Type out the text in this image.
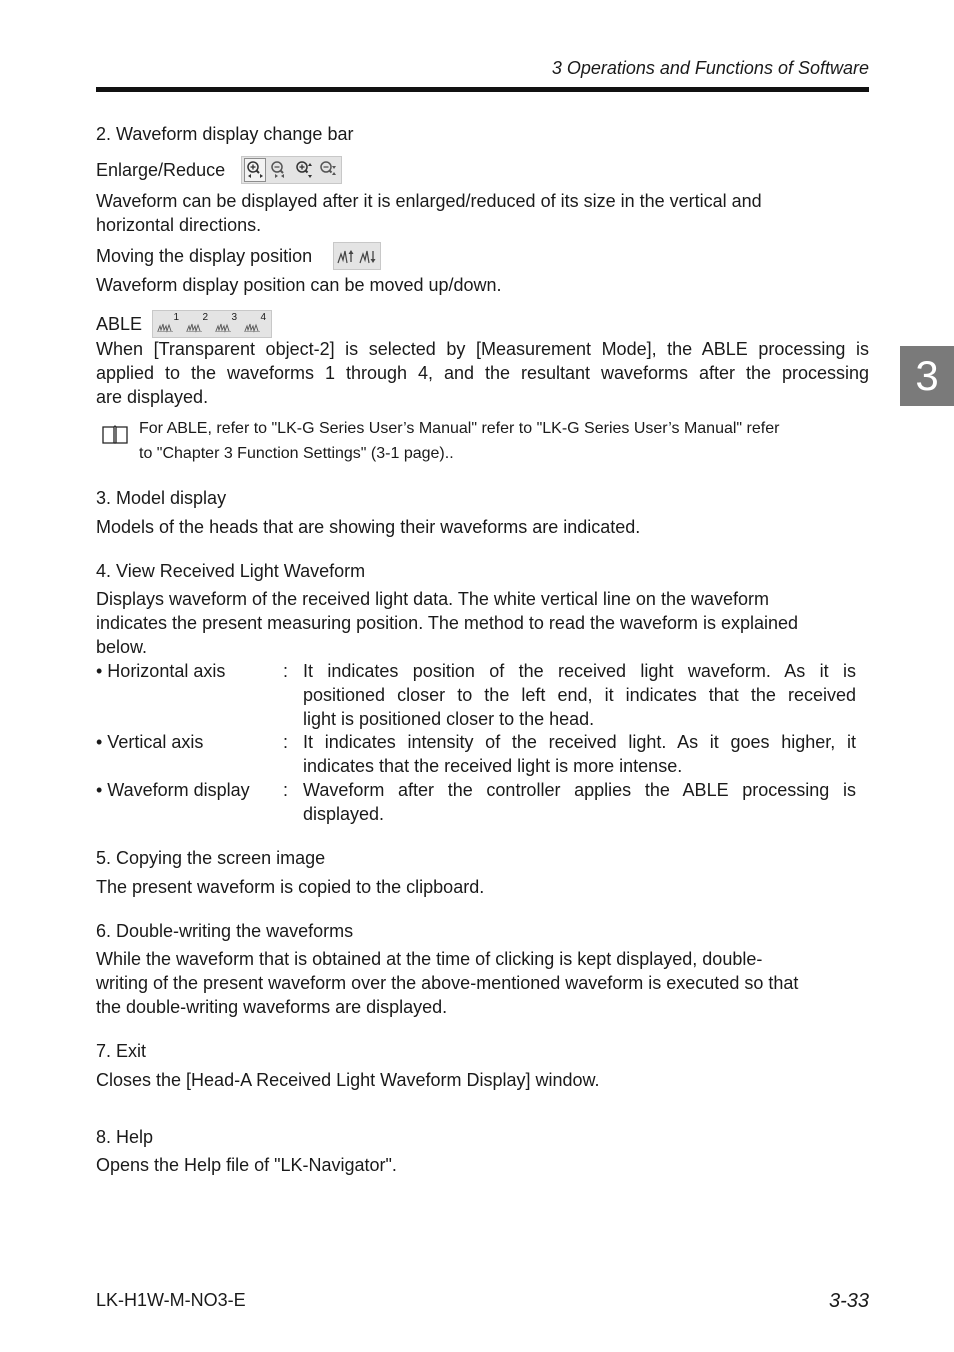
3 Operations and Functions of Software
3
2. Waveform display change bar
Enlarge/Reduce
Waveform can be displayed after it is enlarged/reduced of its size in the vertical and
horizontal directions.
Moving the display position
Waveform display position can be moved up/down.
ABLE	1 2 3 4
When [Transparent object-2] is selected by [Measurement Mode], the ABLE processing is
applied to the waveforms 1 through 4, and the resultant waveforms after the processing
are displayed.
For ABLE, refer to "LK-G Series User’s Manual" refer to "LK-G Series User’s Manual" refer
to "Chapter 3 Function Settings" (3-1 page)..
3. Model display
Models of the heads that are showing their waveforms are indicated.
4. View Received Light Waveform
Displays waveform of the received light data. The white vertical line on the waveform
indicates the present measuring position. The method to read the waveform is explained
below.
• Horizontal axis	: It indicates position of the received light waveform. As it is
positioned closer to the left end, it indicates that the received
light is positioned closer to the head.
• Vertical axis	: It indicates intensity of the received light. As it goes higher, it
indicates that the received light is more intense.
• Waveform display : Waveform after the controller applies the ABLE processing is
displayed.
5. Copying the screen image
The present waveform is copied to the clipboard.
6. Double-writing the waveforms
While the waveform that is obtained at the time of clicking is kept displayed, double-
writing of the present waveform over the above-mentioned waveform is executed so that
the double-writing waveforms are displayed.
7. Exit
Closes the [Head-A Received Light Waveform Display] window.
8. Help
Opens the Help file of "LK-Navigator".
LK-H1W-M-NO3-E	3-33
